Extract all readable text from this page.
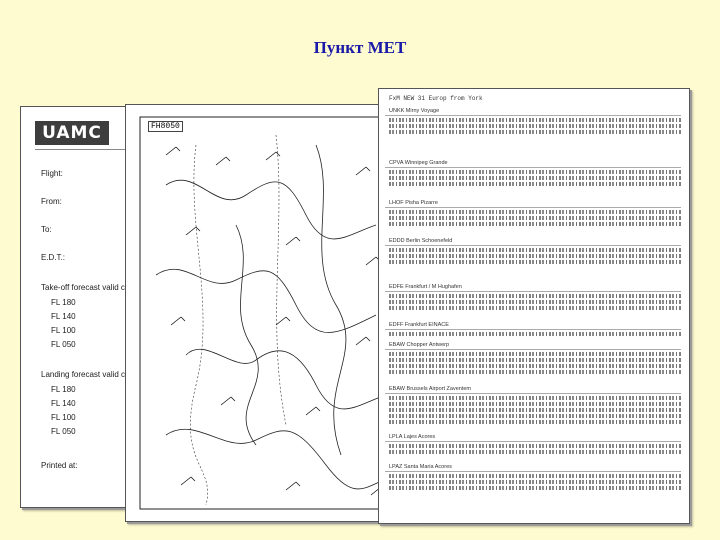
Пункт МЕТ
UAMC
Flight:
From:
To:
E.D.T.:
Take-off forecast valid c
FL 180
FL 140
FL 100
FL 050
Landing forecast valid c
FL 180
FL 140
FL 100
FL 050
Printed at:
FH8050
FxM NEW 31 Europ from York
UNKK Mirny Voyage
CPVA Winnipeg Grande
LHOF Pisha Pizarre
EDDD Berlin Schoenefeld
EDFE Frankfurt / M Hughafen
EDFF Frankfurt EINACE
EBAW Chopper Antwerp
EBAW Brussels Airport Zaventem
LPLA Lajes Acores
LPAZ Santa Maria Acores
